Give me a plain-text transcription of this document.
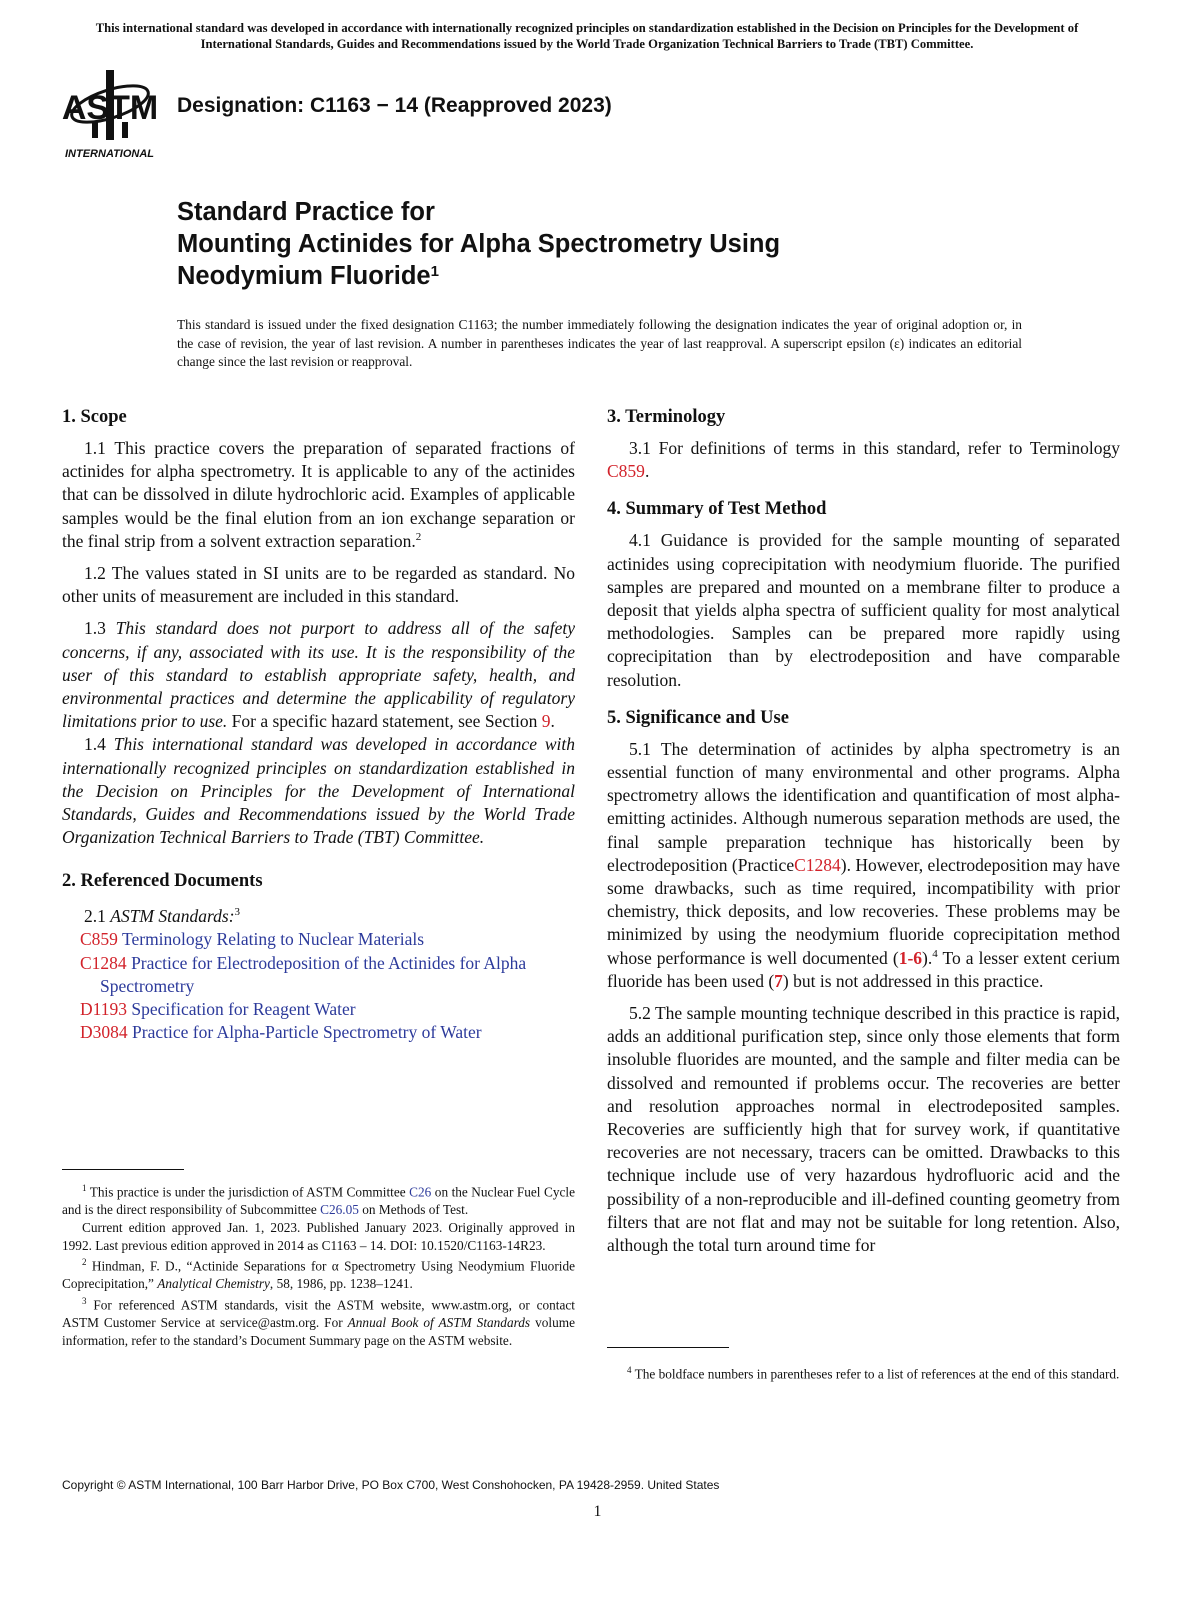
This international standard was developed in accordance with internationally recognized principles on standardization established in the Decision on Principles for the Development of International Standards, Guides and Recommendations issued by the World Trade Organization Technical Barriers to Trade (TBT) Committee.
ASTM
INTERNATIONAL
Designation: C1163 − 14 (Reapproved 2023)
Standard Practice for
Mounting Actinides for Alpha Spectrometry Using
Neodymium Fluoride$^1$
This standard is issued under the fixed designation C1163; the number immediately following the designation indicates the year of original adoption or, in the case of revision, the year of last revision. A number in parentheses indicates the year of last reapproval. A superscript epsilon (ε) indicates an editorial change since the last revision or reapproval.
1. Scope

1.1 This practice covers the preparation of separated fractions of actinides for alpha spectrometry. It is applicable to any of the actinides that can be dissolved in dilute hydrochloric acid. Examples of applicable samples would be the final elution from an ion exchange separation or the final strip from a solvent extraction separation.$^2$

1.2 The values stated in SI units are to be regarded as standard. No other units of measurement are included in this standard.

1.3 This standard does not purport to address all of the safety concerns, if any, associated with its use. It is the responsibility of the user of this standard to establish appropriate safety, health, and environmental practices and determine the applicability of regulatory limitations prior to use. For a specific hazard statement, see Section 9.

1.4 This international standard was developed in accordance with internationally recognized principles on standardization established in the Decision on Principles for the Development of International Standards, Guides and Recommendations issued by the World Trade Organization Technical Barriers to Trade (TBT) Committee.

2. Referenced Documents
2.1 ASTM Standards:$^3$
C859 Terminology Relating to Nuclear Materials
C1284 Practice for Electrodeposition of the Actinides for Alpha Spectrometry
D1193 Specification for Reagent Water
D3084 Practice for Alpha-Particle Spectrometry of Water

$^1$ This practice is under the jurisdiction of ASTM Committee C26 on the Nuclear Fuel Cycle and is the direct responsibility of Subcommittee C26.05 on Methods of Test.

Current edition approved Jan. 1, 2023. Published January 2023. Originally approved in 1992. Last previous edition approved in 2014 as C1163 – 14. DOI: 10.1520/C1163-14R23.

$^2$ Hindman, F. D., “Actinide Separations for α Spectrometry Using Neodymium Fluoride Coprecipitation,” Analytical Chemistry, 58, 1986, pp. 1238–1241.

$^3$ For referenced ASTM standards, visit the ASTM website, www.astm.org, or contact ASTM Customer Service at service@astm.org. For Annual Book of ASTM Standards volume information, refer to the standard’s Document Summary page on the ASTM website.

3. Terminology

3.1 For definitions of terms in this standard, refer to Terminology C859.

4. Summary of Test Method

4.1 Guidance is provided for the sample mounting of separated actinides using coprecipitation with neodymium fluoride. The purified samples are prepared and mounted on a membrane filter to produce a deposit that yields alpha spectra of sufficient quality for most analytical methodologies. Samples can be prepared more rapidly using coprecipitation than by electrodeposition and have comparable resolution.

5. Significance and Use

5.1 The determination of actinides by alpha spectrometry is an essential function of many environmental and other programs. Alpha spectrometry allows the identification and quantification of most alpha-emitting actinides. Although numerous separation methods are used, the final sample preparation technique has historically been by electrodeposition (PracticeC1284). However, electrodeposition may have some drawbacks, such as time required, incompatibility with prior chemistry, thick deposits, and low recoveries. These problems may be minimized by using the neodymium fluoride coprecipitation method whose performance is well documented (1-6).$^4$ To a lesser extent cerium fluoride has been used (7) but is not addressed in this practice.

5.2 The sample mounting technique described in this practice is rapid, adds an additional purification step, since only those elements that form insoluble fluorides are mounted, and the sample and filter media can be dissolved and remounted if problems occur. The recoveries are better and resolution approaches normal in electrodeposited samples. Recoveries are sufficiently high that for survey work, if quantitative recoveries are not necessary, tracers can be omitted. Drawbacks to this technique include use of very hazardous hydrofluoric acid and the possibility of a non-reproducible and ill-defined counting geometry from filters that are not flat and may not be suitable for long retention. Also, although the total turn around time for

$^4$ The boldface numbers in parentheses refer to a list of references at the end of this standard.

Copyright © ASTM International, 100 Barr Harbor Drive, PO Box C700, West Conshohocken, PA 19428-2959. United States
1
